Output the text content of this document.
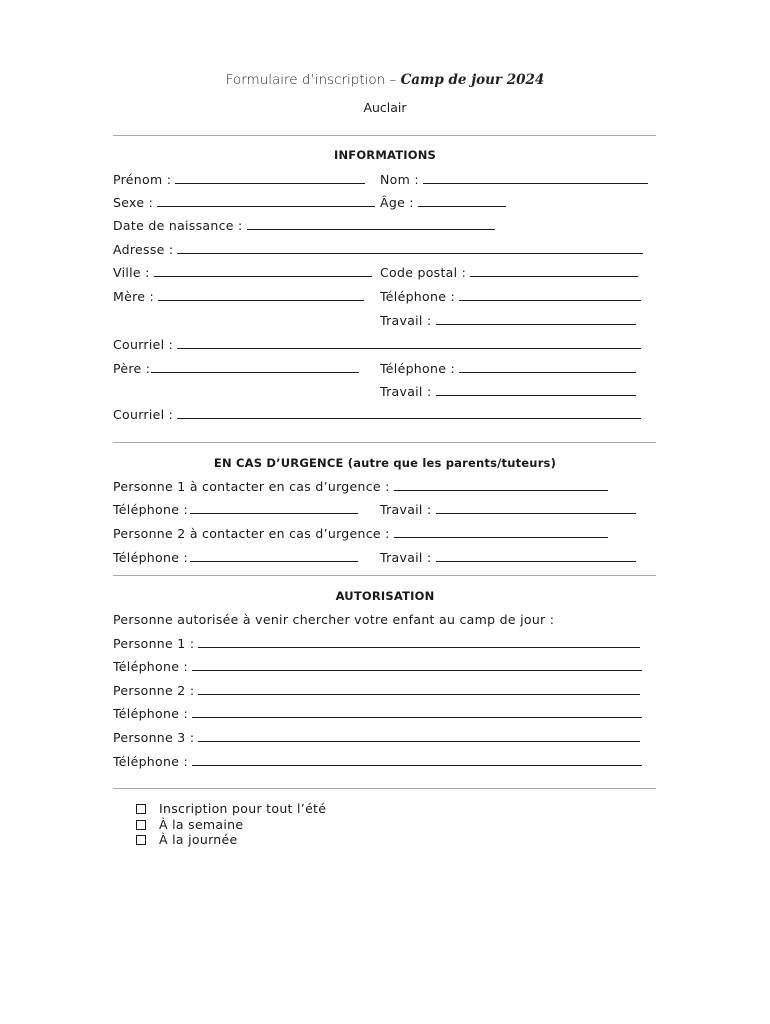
Formulaire d’inscription – Camp de jour 2024
Auclair
INFORMATIONS
Prénom :	Nom :
Sexe :	Âge :
Date de naissance :
Adresse :
Ville :	Code postal :
Mère :	Téléphone :
Travail :
Courriel :
Père :	Téléphone :
Travail :
Courriel :
EN CAS D’URGENCE (autre que les parents/tuteurs)
Personne 1 à contacter en cas d’urgence :
Téléphone :	Travail :
Personne 2 à contacter en cas d’urgence :
Téléphone :	Travail :
AUTORISATION
Personne autorisée à venir chercher votre enfant au camp de jour :
Personne 1 :
Téléphone :
Personne 2 :
Téléphone :
Personne 3 :
Téléphone :
Inscription pour tout l’été
À la semaine
À la journée
